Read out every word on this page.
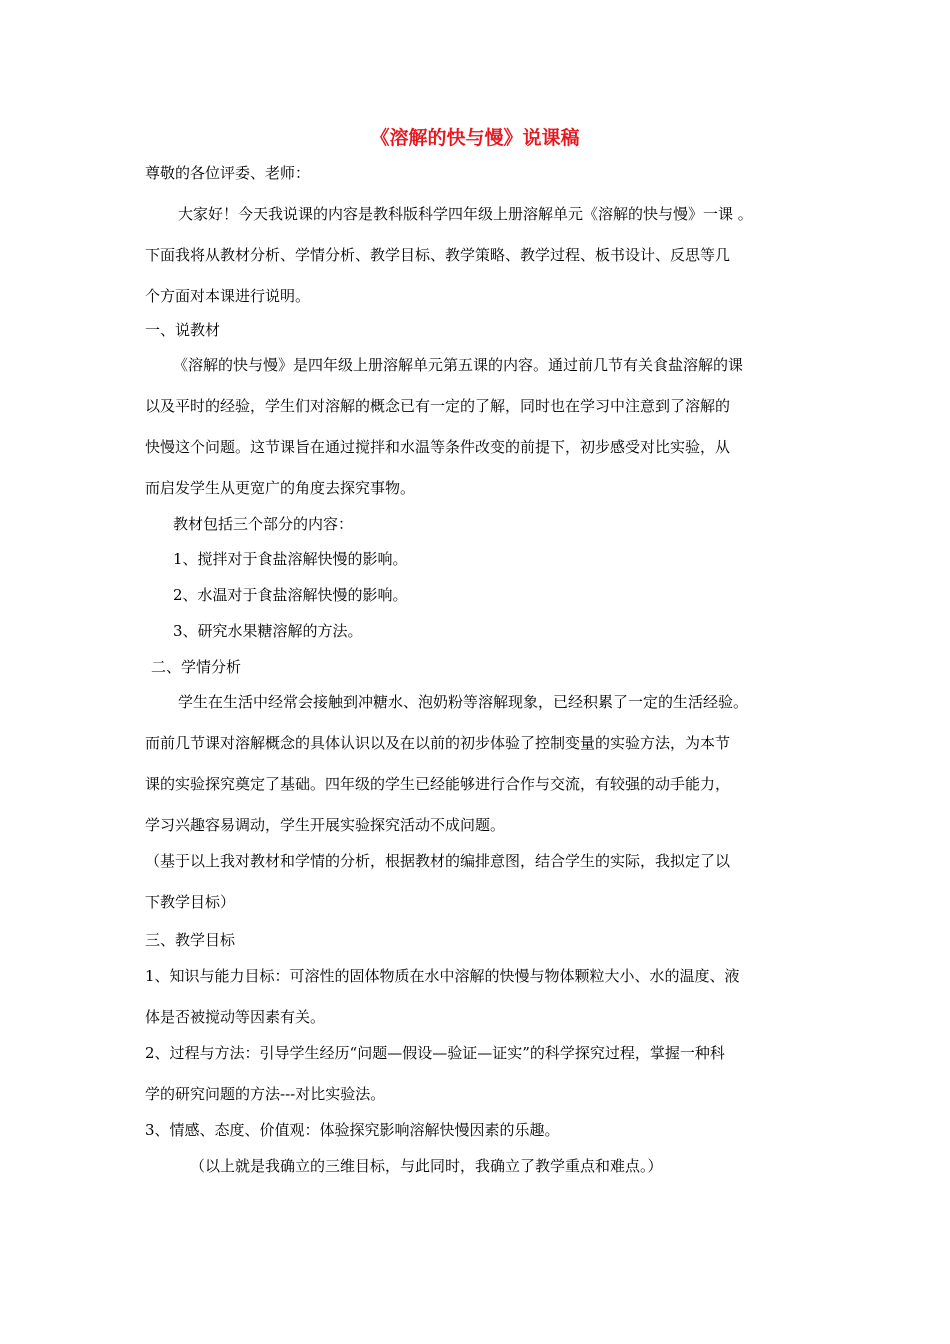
《溶解的快与慢》说课稿
尊敬的各位评委、老师：
大家好！今天我说课的内容是教科版科学四年级上册溶解单元《溶解的快与慢》一课 。
下面我将从教材分析、学情分析、教学目标、教学策略、教学过程、板书设计、反思等几
个方面对本课进行说明。
一、说教材
《溶解的快与慢》是四年级上册溶解单元第五课的内容。通过前几节有关食盐溶解的课
以及平时的经验，学生们对溶解的概念已有一定的了解，同时也在学习中注意到了溶解的
快慢这个问题。这节课旨在通过搅拌和水温等条件改变的前提下，初步感受对比实验，从
而启发学生从更宽广的角度去探究事物。
教材包括三个部分的内容：
1、搅拌对于食盐溶解快慢的影响。
2、水温对于食盐溶解快慢的影响。
3、研究水果糖溶解的方法。
二、学情分析
学生在生活中经常会接触到冲糖水、泡奶粉等溶解现象，已经积累了一定的生活经验。
而前几节课对溶解概念的具体认识以及在以前的初步体验了控制变量的实验方法，为本节
课的实验探究奠定了基础。四年级的学生已经能够进行合作与交流，有较强的动手能力，
学习兴趣容易调动，学生开展实验探究活动不成问题。
（基于以上我对教材和学情的分析，根据教材的编排意图，结合学生的实际，我拟定了以
下教学目标）
三、教学目标
1、知识与能力目标：可溶性的固体物质在水中溶解的快慢与物体颗粒大小、水的温度、液
体是否被搅动等因素有关。
2、过程与方法：引导学生经历“问题—假设—验证—证实”的科学探究过程，掌握一种科
学的研究问题的方法---对比实验法。
3、情感、态度、价值观：体验探究影响溶解快慢因素的乐趣。
（以上就是我确立的三维目标，与此同时，我确立了教学重点和难点。）
